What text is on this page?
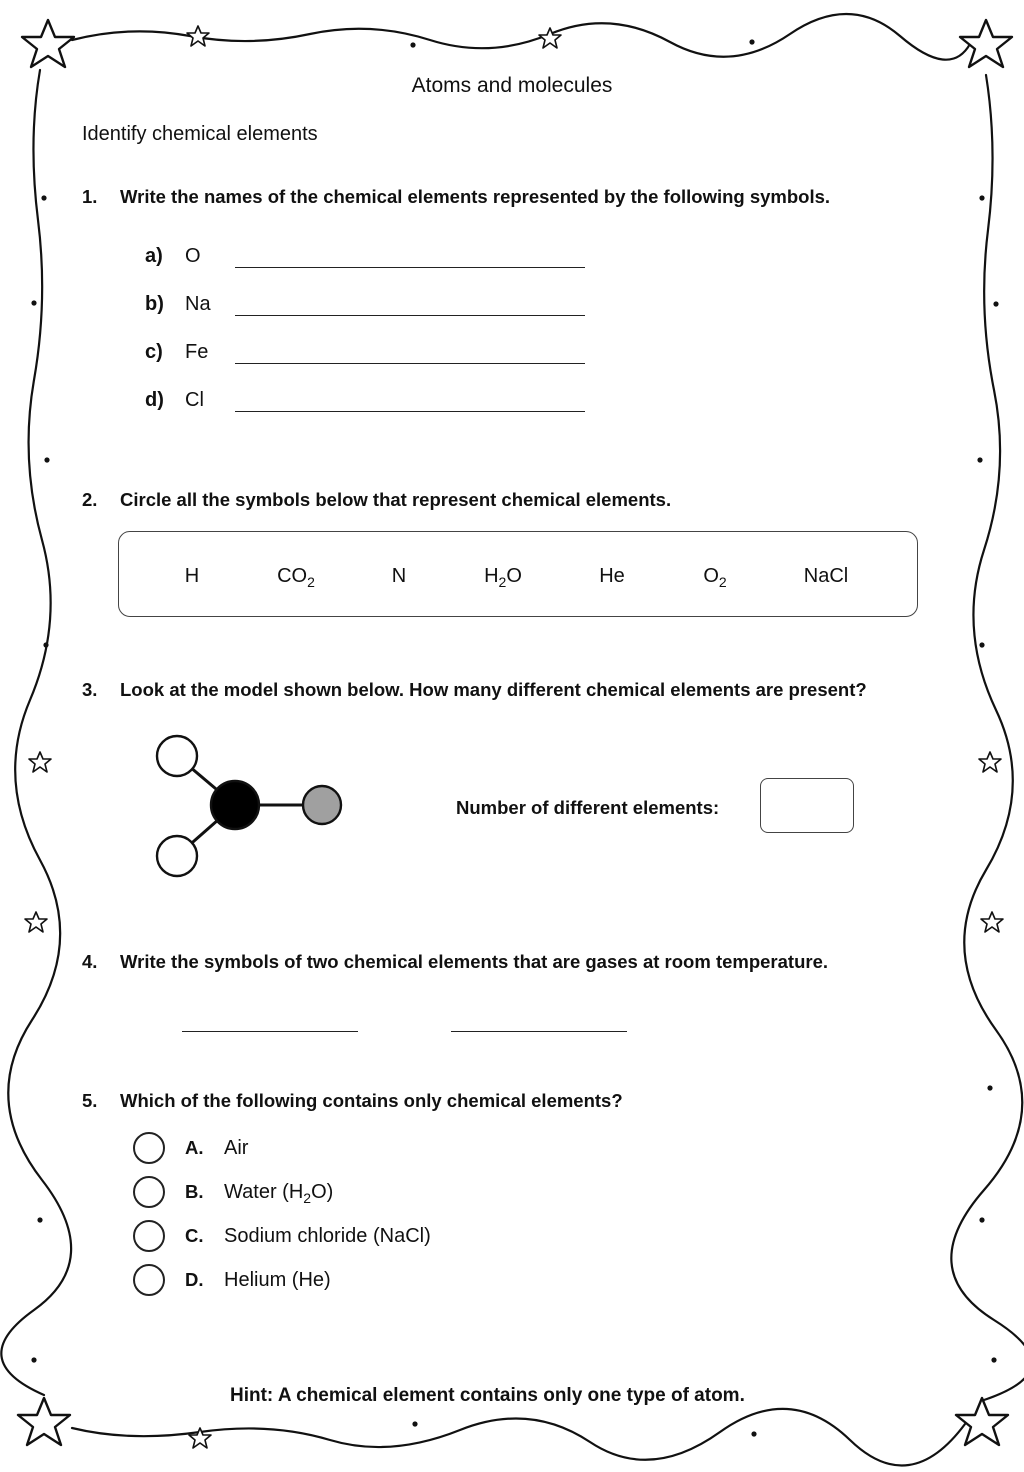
Atoms and molecules
Identify chemical elements
1.	Write the names of the chemical elements represented by the following symbols.
a)	O
b)	Na
c)	Fe
d)	Cl
2.	Circle all the symbols below that represent chemical elements.
H	$CO_2$	N	$H_2O$	He	$O_2$	NaCl
3.	Look at the model shown below. How many different chemical elements are present?
Number of different elements:
4.	Write the symbols of two chemical elements that are gases at room temperature.
5.	Which of the following contains only chemical elements?
A.	Air
B.	Water $(H_2O)$
C.	Sodium chloride (NaCl)
D.	Helium (He)
Hint: A chemical element contains only one type of atom.
